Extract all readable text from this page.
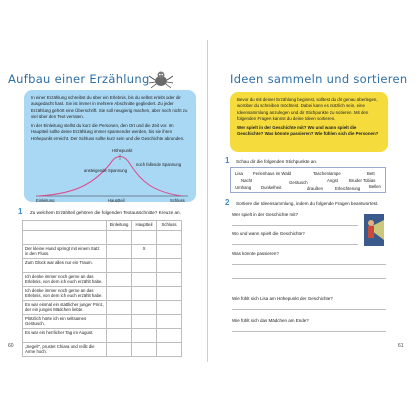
Aufbau einer Erzählung

In einer Erzählung schreibst du über ein Erlebnis, bis du selbst erlebt oder dir ausgedacht hast. Sie ist immer in mehrere Abschnitte gegliedert. Zu jeder Erzählung gehört eine Überschrift. Sie soll neugierig machen, aber noch nicht zu viel über den Text verraten.

In der Einleitung stellst du kurz die Personen, den Ort und die Zeit vor. Im Hauptteil sollte deine Erzählung immer spannender werden, bis sie ihren Höhepunkt erreicht. Der Schluss sollte kurz sein und die Geschichte abrunden.

Höhepunkt
ansteigende Spannung
noch fallende Spannung
Einleitung	Hauptteil	Schluss
1 Zu welchem Erzählteil gehören die folgenden Textausschnitte? Kreuze an.
	Einleitung	Hauptteil	Schluss

Der kleine Hund springt mit einem Satz in den Fluss.		X	
Zum Glück war alles nur ein Traum.			
Ich denke immer noch gerne an das Erlebnis, von dem ich euch erzählt habe.			
Ich denke immer noch gerne an das Erlebnis, von dem ich euch erzählt habe.			
Es war einmal ein stattlicher junger Prinz, der ein junges Mädchen liebte.			
Plötzlich hörte ich ein seltsames Geräusch.			
Es war ein herrlicher Tag im August.			
„Segel!“, prustet Chiara und reißt die Arme hoch.			
60
Ideen sammeln und sortieren

Bevor du mit deiner Erzählung beginnst, solltest du dir genau überlegen, worüber du schreiben möchtest. Dabei kann es nützlich sein, eine Ideensammlung anzulegen und dir Stichpunkte zu notieren. Mit den folgenden Fragen kannst du deine Ideen sortieren.

Wer spielt in der Geschichte mit? Wo und wann spielt die Geschichte? Was könnte passieren? Wie fühlen sich die Personen?

1 Schau dir die folgenden Stichpunkte an.
Lisa Ferienhaus im Wald	Taschenlampe	Bett
Nacht	Geräusch	Angst	Bruder Tobias
Umhang Dunkelheit	draußen	Erleichterung Bellen
2 Sortiere die Ideensammlung, indem du folgende Fragen beantwortest.
Wer spielt in der Geschichte mit?
Wo und wann spielt die Geschichte?
Was könnte passieren?
Wie fühlt sich Lisa am Höhepunkt der Geschichte?
Wie fühlt sich das Mädchen am Ende?
61
